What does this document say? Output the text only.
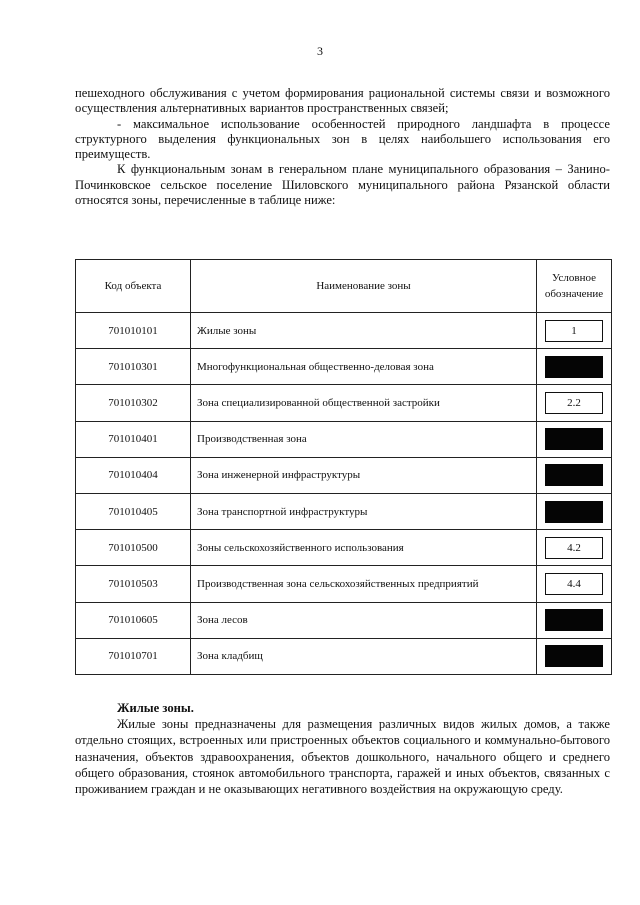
3

пешеходного обслуживания с учетом формирования рациональной системы связи и возможного осуществления альтернативных вариантов пространственных связей;

- максимальное использование особенностей природного ландшафта в процессе структурного выделения функциональных зон в целях наибольшего использования его преимуществ.

К функциональным зонам в генеральном плане муниципального образования – Занино-Починковское сельское поселение Шиловского муниципального района Рязанской области относятся зоны, перечисленные в таблице ниже:

Код объекта	Наименование зоны	Условное обозначение
701010101	Жилые зоны	1

701010301	Многофункциональная общественно-деловая зона	

701010302	Зона специализированной общественной застройки	2.2

701010401	Производственная зона	

701010404	Зона инженерной инфраструктуры	

701010405	Зона транспортной инфраструктуры	

701010500	Зоны сельскохозяйственного использования	4.2

701010503	Производственная зона сельскохозяйственных предприятий	4.4

701010605	Зона лесов	

701010701	Зона кладбищ	
Жилые зоны.

Жилые зоны предназначены для размещения различных видов жилых домов, а также отдельно стоящих, встроенных или пристроенных объектов социального и коммунально-бытового назначения, объектов здравоохранения, объектов дошкольного, начального общего и среднего общего образования, стоянок автомобильного транспорта, гаражей и иных объектов, связанных с проживанием граждан и не оказывающих негативного воздействия на окружающую среду.
